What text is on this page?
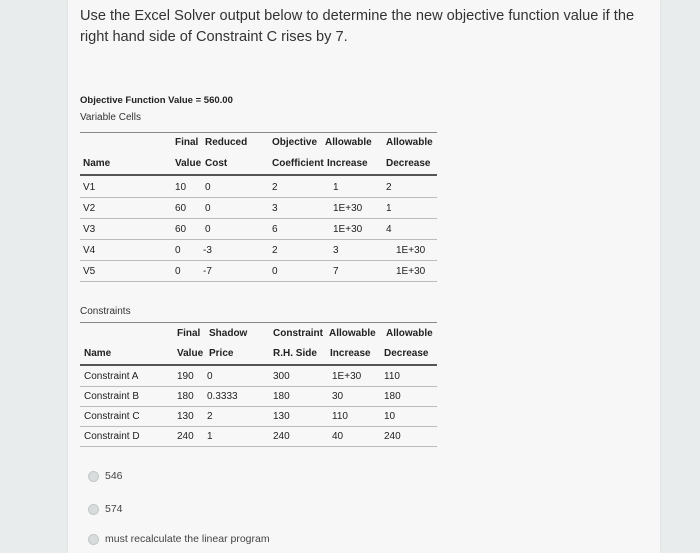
Use the Excel Solver output below to determine the new objective function value if the right hand side of Constraint C rises by 7.
Objective Function Value = 560.00
Variable Cells
Final Reduced Objective Allowable Allowable
Name	Value Cost	Coefficient Increase Decrease
V1	10 0	2	1	2
V2	60 0	3	1E+30 1
V3	60 0	6	1E+30 4
V4	0 -3	2	3	1E+30
V5	0 -7	0	7	1E+30
Constraints
Final Shadow	Constraint Allowable Allowable
Name	Value Price	R.H. Side Increase Decrease
Constraint A	190 0	300	1E+30 110
Constraint B	180 0.3333	180	30	180
Constraint C	130 2	130	110	10
Constraint D	240 1	240	40	240
546
574
must recalculate the linear program
